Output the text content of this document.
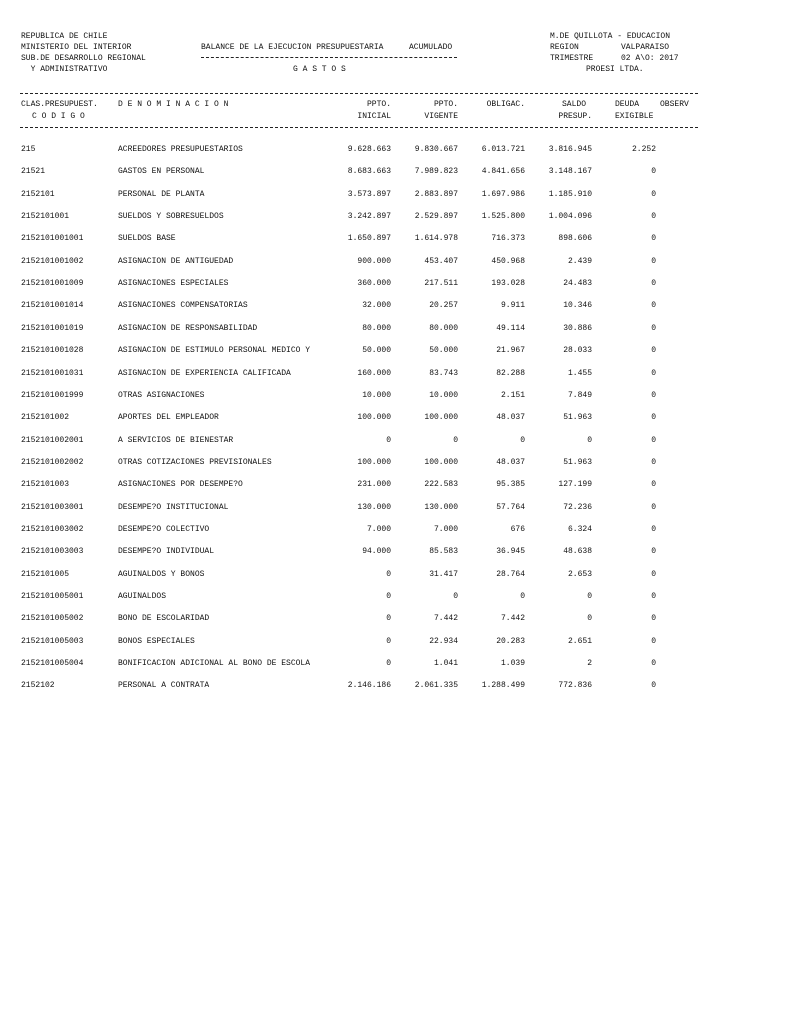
REPUBLICA DE CHILE
MINISTERIO DEL INTERIOR
SUB.DE DESARROLLO REGIONAL
Y ADMINISTRATIVO
BALANCE DE LA EJECUCION PRESUPUESTARIA	ACUMULADO
G A S T O S
M.DE QUILLOTA - EDUCACION
REGION	VALPARAISO
TRIMESTRE	02 A\O: 2017
PROESI LTDA.
CLAS.PRESUPUEST.
C O D I G O
D E N O M I N A C I O N	PPTO.
INICIAL
PPTO.
VIGENTE
OBLIGAC.	SALDO
PRESUP.
DEUDA
EXIGIBLE
OBSERV
215	ACREEDORES PRESUPUESTARIOS	9.628.663	9.830.667	6.013.721	3.816.945	2.252
21521	GASTOS EN PERSONAL	8.683.663	7.989.823	4.841.656	3.148.167	0
2152101	PERSONAL DE PLANTA	3.573.897	2.883.897	1.697.986	1.185.910	0
2152101001	SUELDOS Y SOBRESUELDOS	3.242.897	2.529.897	1.525.800	1.004.096	0
2152101001001	SUELDOS BASE	1.650.897	1.614.978	716.373	898.606	0
2152101001002	ASIGNACION DE ANTIGUEDAD	900.000	453.407	450.968	2.439	0
2152101001009	ASIGNACIONES ESPECIALES	360.000	217.511	193.028	24.483	0
2152101001014	ASIGNACIONES COMPENSATORIAS	32.000	20.257	9.911	10.346	0
2152101001019	ASIGNACION DE RESPONSABILIDAD	80.000	80.000	49.114	30.886	0
2152101001028	ASIGNACION DE ESTIMULO PERSONAL MEDICO Y	50.000	50.000	21.967	28.033	0
2152101001031	ASIGNACION DE EXPERIENCIA CALIFICADA	160.000	83.743	82.288	1.455	0
2152101001999	OTRAS ASIGNACIONES	10.000	10.000	2.151	7.849	0
2152101002	APORTES DEL EMPLEADOR	100.000	100.000	48.037	51.963	0
2152101002001	A SERVICIOS DE BIENESTAR	0	0	0	0	0
2152101002002	OTRAS COTIZACIONES PREVISIONALES	100.000	100.000	48.037	51.963	0
2152101003	ASIGNACIONES POR DESEMPE?O	231.000	222.583	95.385	127.199	0
2152101003001	DESEMPE?O INSTITUCIONAL	130.000	130.000	57.764	72.236	0
2152101003002	DESEMPE?O COLECTIVO	7.000	7.000	676	6.324	0
2152101003003	DESEMPE?O INDIVIDUAL	94.000	85.583	36.945	48.638	0
2152101005	AGUINALDOS Y BONOS	0	31.417	28.764	2.653	0
2152101005001	AGUINALDOS	0	0	0	0	0
2152101005002	BONO DE ESCOLARIDAD	0	7.442	7.442	0	0
2152101005003	BONOS ESPECIALES	0	22.934	20.283	2.651	0
2152101005004	BONIFICACION ADICIONAL AL BONO DE ESCOLA	0	1.041	1.039	2	0
2152102	PERSONAL A CONTRATA	2.146.186	2.061.335	1.288.499	772.836	0
